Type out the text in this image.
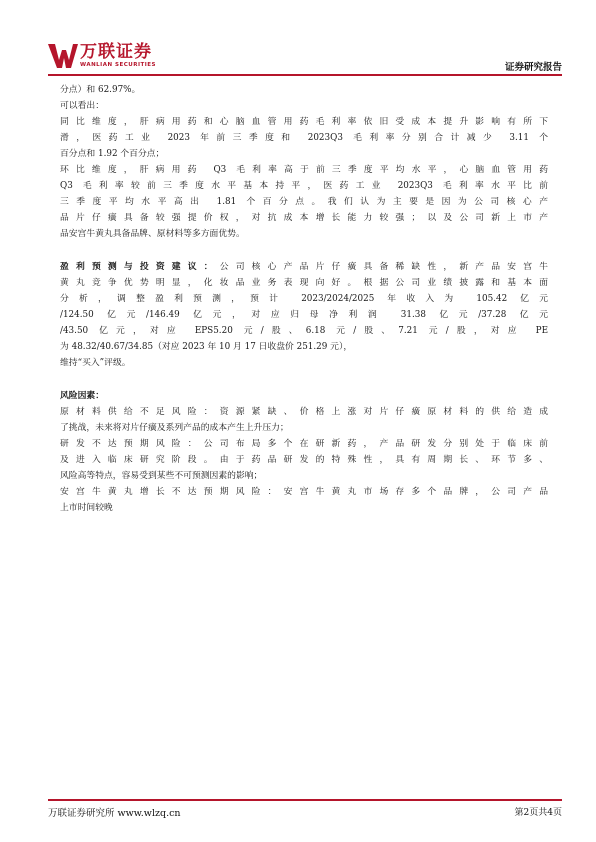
万联证券
WANLIAN SECURITIES	证券研究报告
分点）和 62.97%。
可以看出：
同比维度，肝病用药和心脑血管用药毛利率依旧受成本提升影响有所下
滑，医药工业 2023 年前三季度和 2023Q3 毛利率分别合计减少 3.11 个
百分点和 1.92 个百分点；
环比维度，肝病用药 Q3 毛利率高于前三季度平均水平，心脑血管用药
Q3 毛利率较前三季度水平基本持平，医药工业 2023Q3 毛利率水平比前
三季度平均水平高出 1.81 个百分点。我们认为主要是因为公司核心产
品片仔癀具备较强提价权，对抗成本增长能力较强；以及公司新上市产
品安宫牛黄丸具备品牌、原材料等多方面优势。
盈利预测与投资建议：公司核心产品片仔癀具备稀缺性，新产品安宫牛
黄丸竞争优势明显，化妆品业务表现向好。根据公司业绩披露和基本面
分析，调整盈利预测，预计 2023/2024/2025 年收入为 105.42 亿元
/124.50 亿元/146.49 亿元，对应归母净利润 31.38 亿元/37.28 亿元
/43.50 亿元，对应 EPS5.20 元/股、6.18 元/股、7.21 元/股，对应 PE
为 48.32/40.67/34.85（对应 2023 年 10 月 17 日收盘价 251.29 元），
维持“买入”评级。
风险因素：
原材料供给不足风险：资源紧缺、价格上涨对片仔癀原材料的供给造成
了挑战，未来将对片仔癀及系列产品的成本产生上升压力；
研发不达预期风险：公司布局多个在研新药，产品研发分别处于临床前
及进入临床研究阶段。由于药品研发的特殊性，具有周期长、环节多、
风险高等特点，容易受到某些不可预测因素的影响；
安宫牛黄丸增长不达预期风险：安宫牛黄丸市场存多个品牌，公司产品
上市时间较晚
万联证券研究所 www.wlzq.cn	第2页共4页
